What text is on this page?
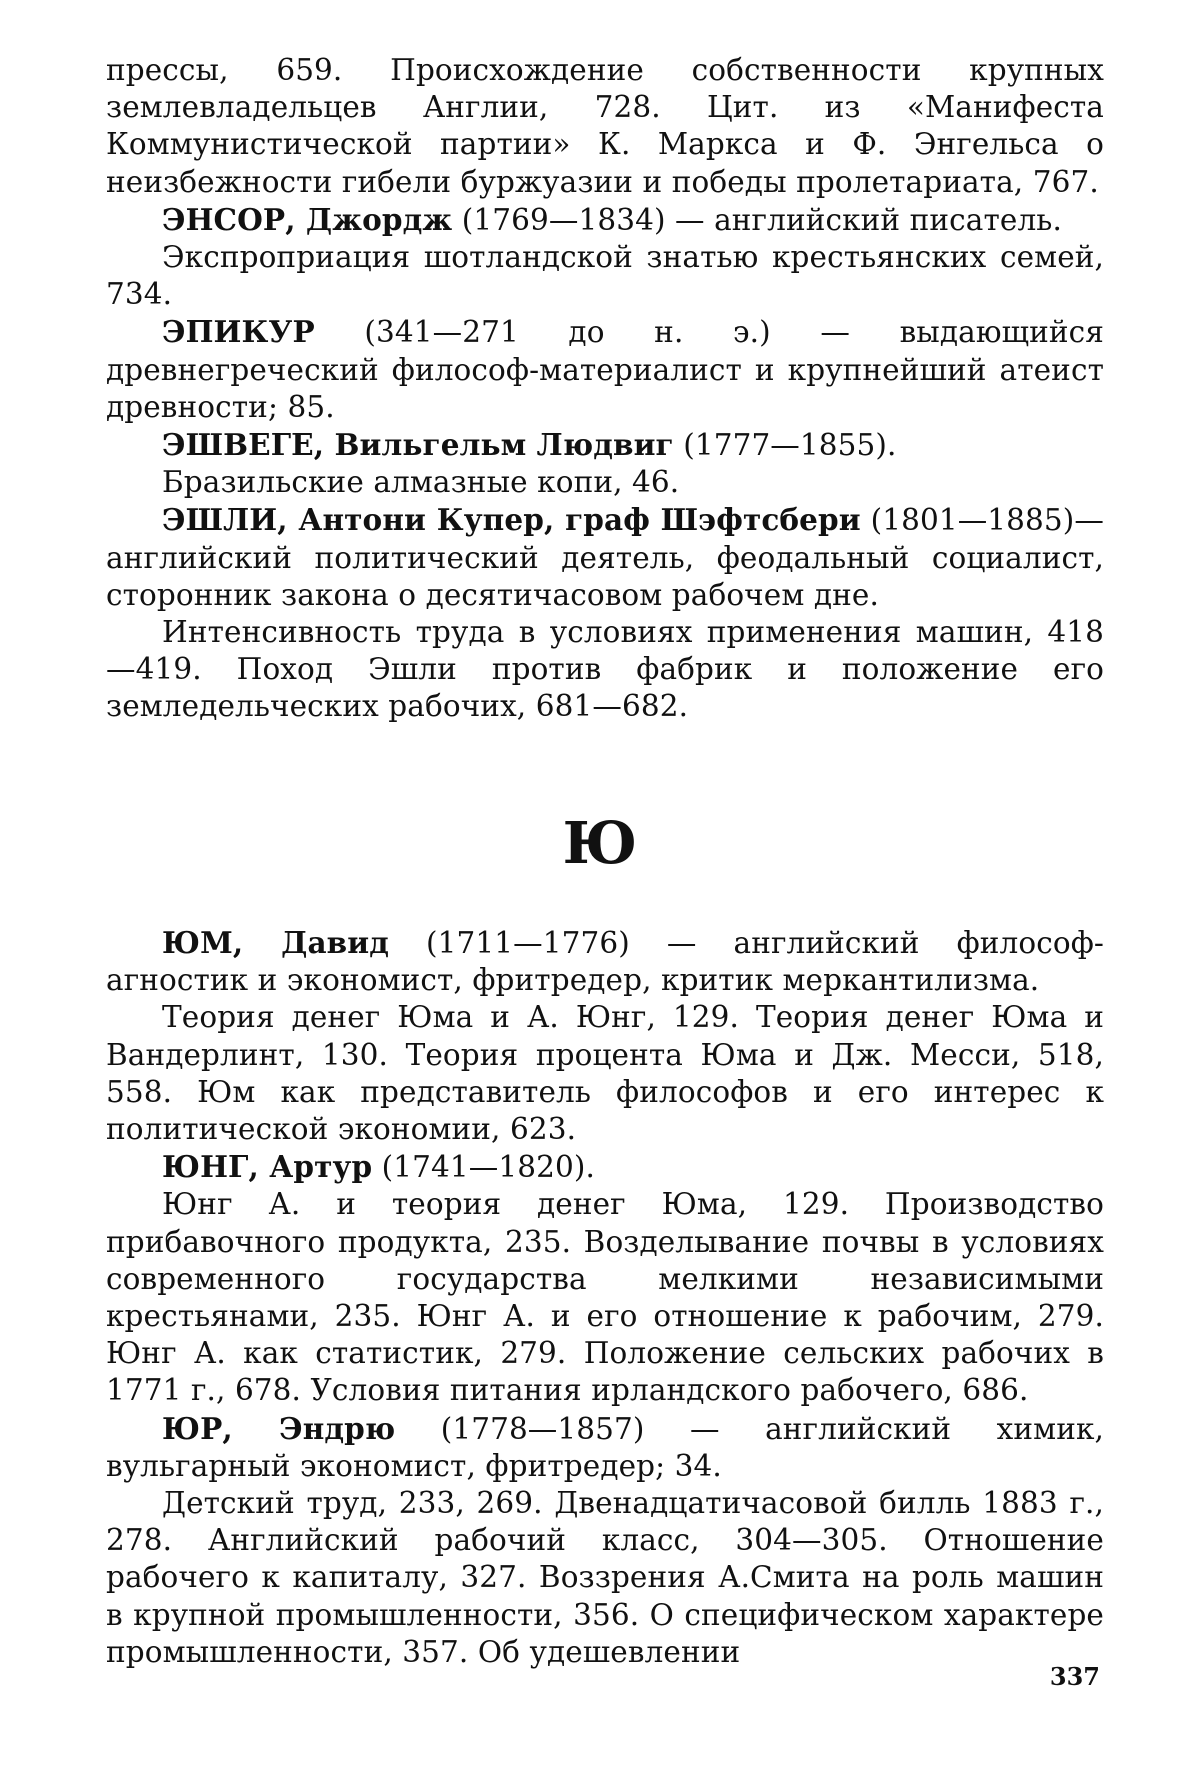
прессы, 659. Происхождение собственности крупных землевладельцев Англии, 728. Цит. из «Манифеста Коммунистической партии» К. Маркса и Ф. Энгельса о неизбежности гибели буржуазии и победы пролетариата, 767.

ЭНСОР, Джордж (1769—1834) — английский писатель.

Экспроприация шотландской знатью крестьянских семей, 734.

ЭПИКУР (341—271 до н. э.) — выдающийся древнегреческий философ-материалист и крупнейший атеист древности; 85.

ЭШВЕГЕ, Вильгельм Людвиг (1777—1855).

Бразильские алмазные копи, 46.

ЭШЛИ, Антони Купер, граф Шэфтсбери (1801—1885)— английский политический деятель, феодальный социалист, сторонник закона о десятичасовом рабочем дне.

Интенсивность труда в условиях применения машин, 418—419. Поход Эшли против фабрик и положение его земледельческих рабочих, 681—682.

Ю

ЮМ, Давид (1711—1776) — английский философ-агностик и экономист, фритредер, критик меркантилизма.

Теория денег Юма и А. Юнг, 129. Теория денег Юма и Вандерлинт, 130. Теория процента Юма и Дж. Месси, 518, 558. Юм как представитель философов и его интерес к политической экономии, 623.

ЮНГ, Артур (1741—1820).

Юнг А. и теория денег Юма, 129. Производство прибавочного продукта, 235. Возделывание почвы в условиях современного государства мелкими независимыми крестьянами, 235. Юнг А. и его отношение к рабочим, 279. Юнг А. как статистик, 279. Положение сельских рабочих в 1771 г., 678. Условия питания ирландского рабочего, 686.

ЮР, Эндрю (1778—1857) — английский химик, вульгарный экономист, фритредер; 34.

Детский труд, 233, 269. Двенадцатичасовой билль 1883 г., 278. Английский рабочий класс, 304—305. Отношение рабочего к капиталу, 327. Воззрения А.Смита на роль машин в крупной промышленности, 356. О специфическом характере промышленности, 357. Об удешевлении

337
